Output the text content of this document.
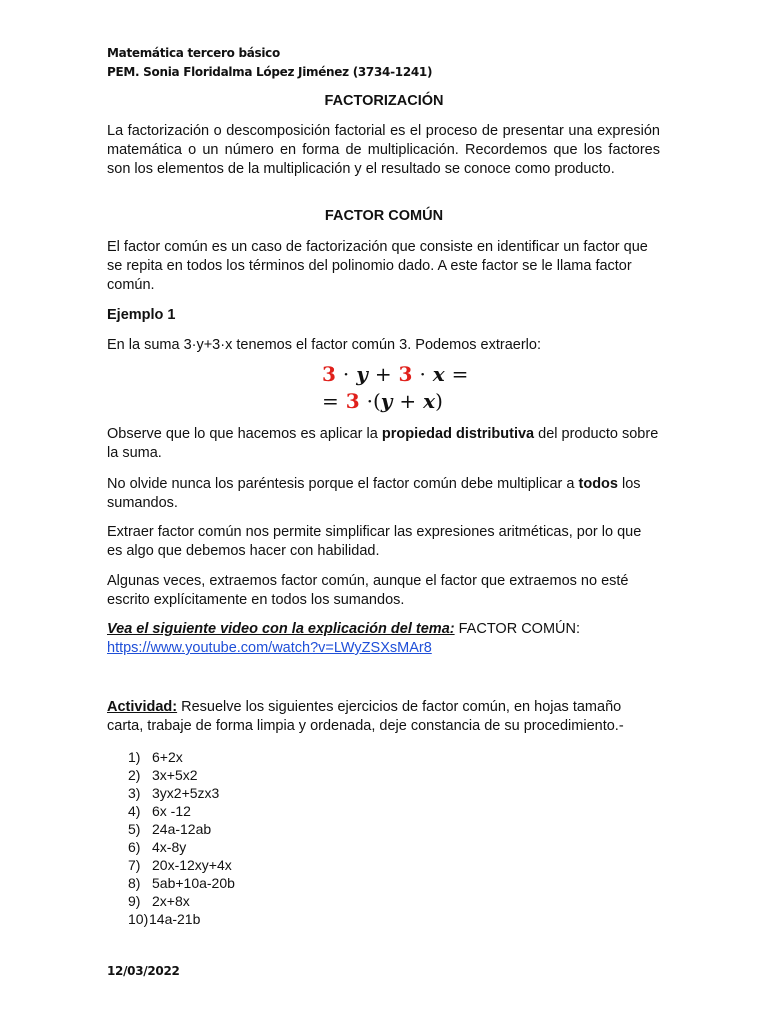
Matemática tercero básico
PEM. Sonia Floridalma López Jiménez (3734-1241)
FACTORIZACIÓN
La factorización o descomposición factorial es el proceso de presentar una expresión matemática o un número en forma de multiplicación. Recordemos que los factores son los elementos de la multiplicación y el resultado se conoce como producto.
FACTOR COMÚN
El factor común es un caso de factorización que consiste en identificar un factor que se repita en todos los términos del polinomio dado. A este factor se le llama factor común.
Ejemplo 1
En la suma 3·y+3·x tenemos el factor común 3. Podemos extraerlo:
3 · y + 3 · x =
= 3 ·(y + x)
Observe que lo que hacemos es aplicar la propiedad distributiva del producto sobre la suma.
No olvide nunca los paréntesis porque el factor común debe multiplicar a todos los sumandos.
Extraer factor común nos permite simplificar las expresiones aritméticas, por lo que es algo que debemos hacer con habilidad.
Algunas veces, extraemos factor común, aunque el factor que extraemos no esté escrito explícitamente en todos los sumandos.
Vea el siguiente video con la explicación del tema: FACTOR COMÚN:
https://www.youtube.com/watch?v=LWyZSXsMAr8
Actividad: Resuelve los siguientes ejercicios de factor común, en hojas tamaño carta, trabaje de forma limpia y ordenada, deje constancia de su procedimiento.-
1) 6+2x
2) 3x+5x2
3) 3yx2+5zx3
4) 6x -12
5) 24a-12ab
6) 4x-8y
7) 20x-12xy+4x
8) 5ab+10a-20b
9) 2x+8x
10) 14a-21b
12/03/2022
